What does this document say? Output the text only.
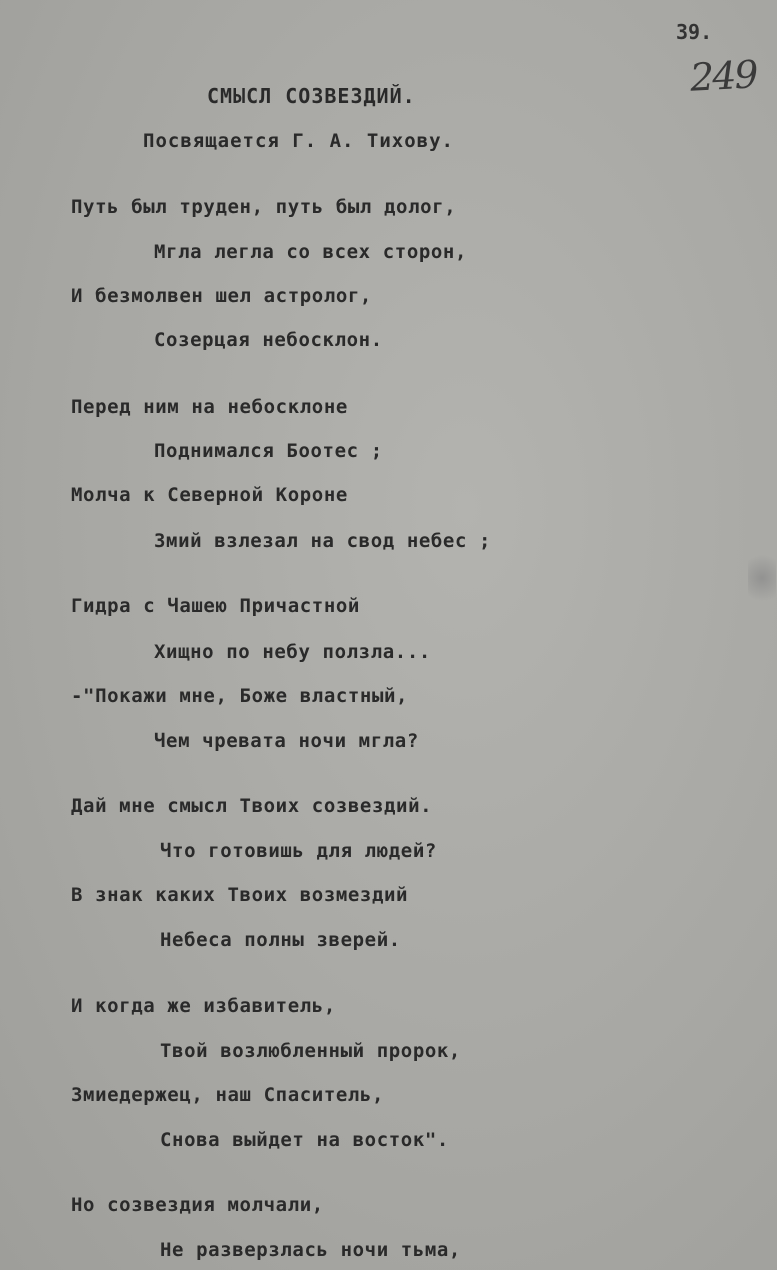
39.
249
СМЫСЛ СОЗВЕЗДИЙ.
Посвящается Г. А. Тихову.
Путь был труден, путь был долог,
Мгла легла со всех сторон,
И безмолвен шел астролог,
Созерцая небосклон.
Перед ним на небосклоне
Поднимался Боотес ;
Молча к Северной Короне
Змий взлезал на свод небес ;
Гидра с Чашею Причастной
Хищно по небу ползла...
-"Покажи мне, Боже властный,
Чем чревата ночи мгла?
Дай мне смысл Твоих созвездий.
Что готовишь для людей?
В знак каких Твоих возмездий
Небеса полны зверей.
И когда же избавитель,
Твой возлюбленный пророк,
Змиедержец, наш Спаситель,
Снова выйдет на восток".
Но созвездия молчали,
Не разверзлась ночи тьма,
